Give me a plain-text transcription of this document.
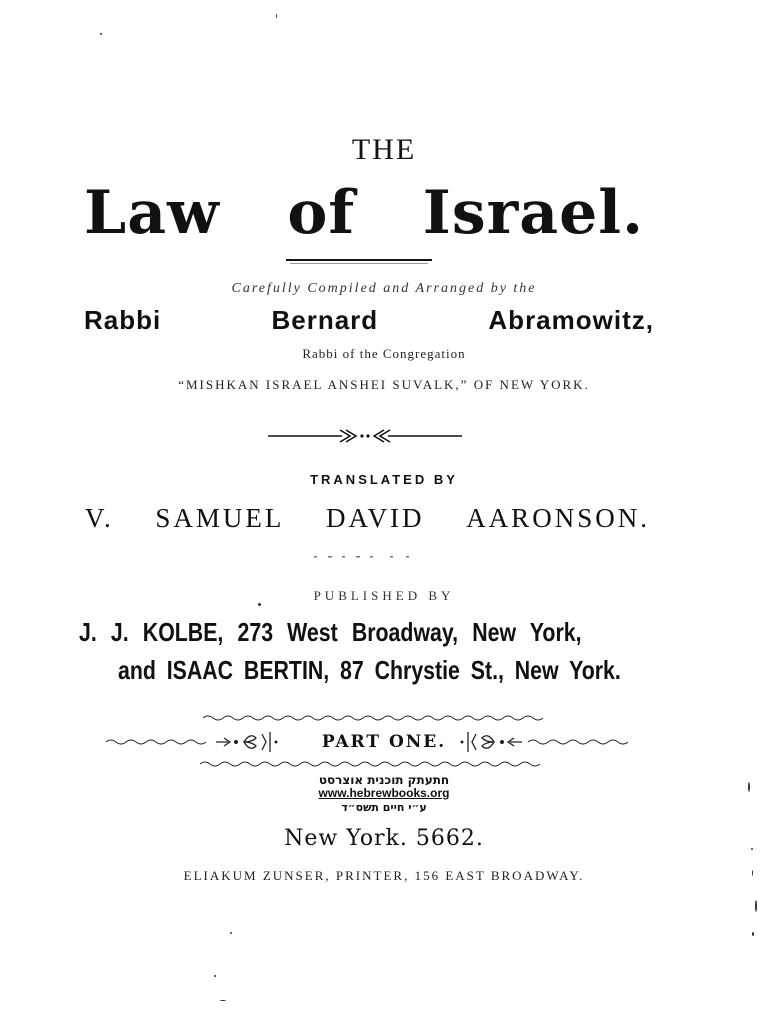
THE
Law of Israel.
Carefully Compiled and Arranged by the
Rabbi	Bernard	Abramowitz,
Rabbi of the Congregation
“MISHKAN ISRAEL ANSHEI SUVALK,” OF NEW YORK.
TRANSLATED BY
V. SAMUEL DAVID AARONSON.
PUBLISHED BY
J. J. KOLBE, 273 West Broadway, New York,
and ISAAC BERTIN, 87 Chrystie St., New York.
PART ONE.
חתעתק תוכנית אוצרסט
www.hebrewbooks.org
ע״י חיים תשס״ד
New York. 5662.
ELIAKUM ZUNSER, PRINTER, 156 EAST BROADWAY.
